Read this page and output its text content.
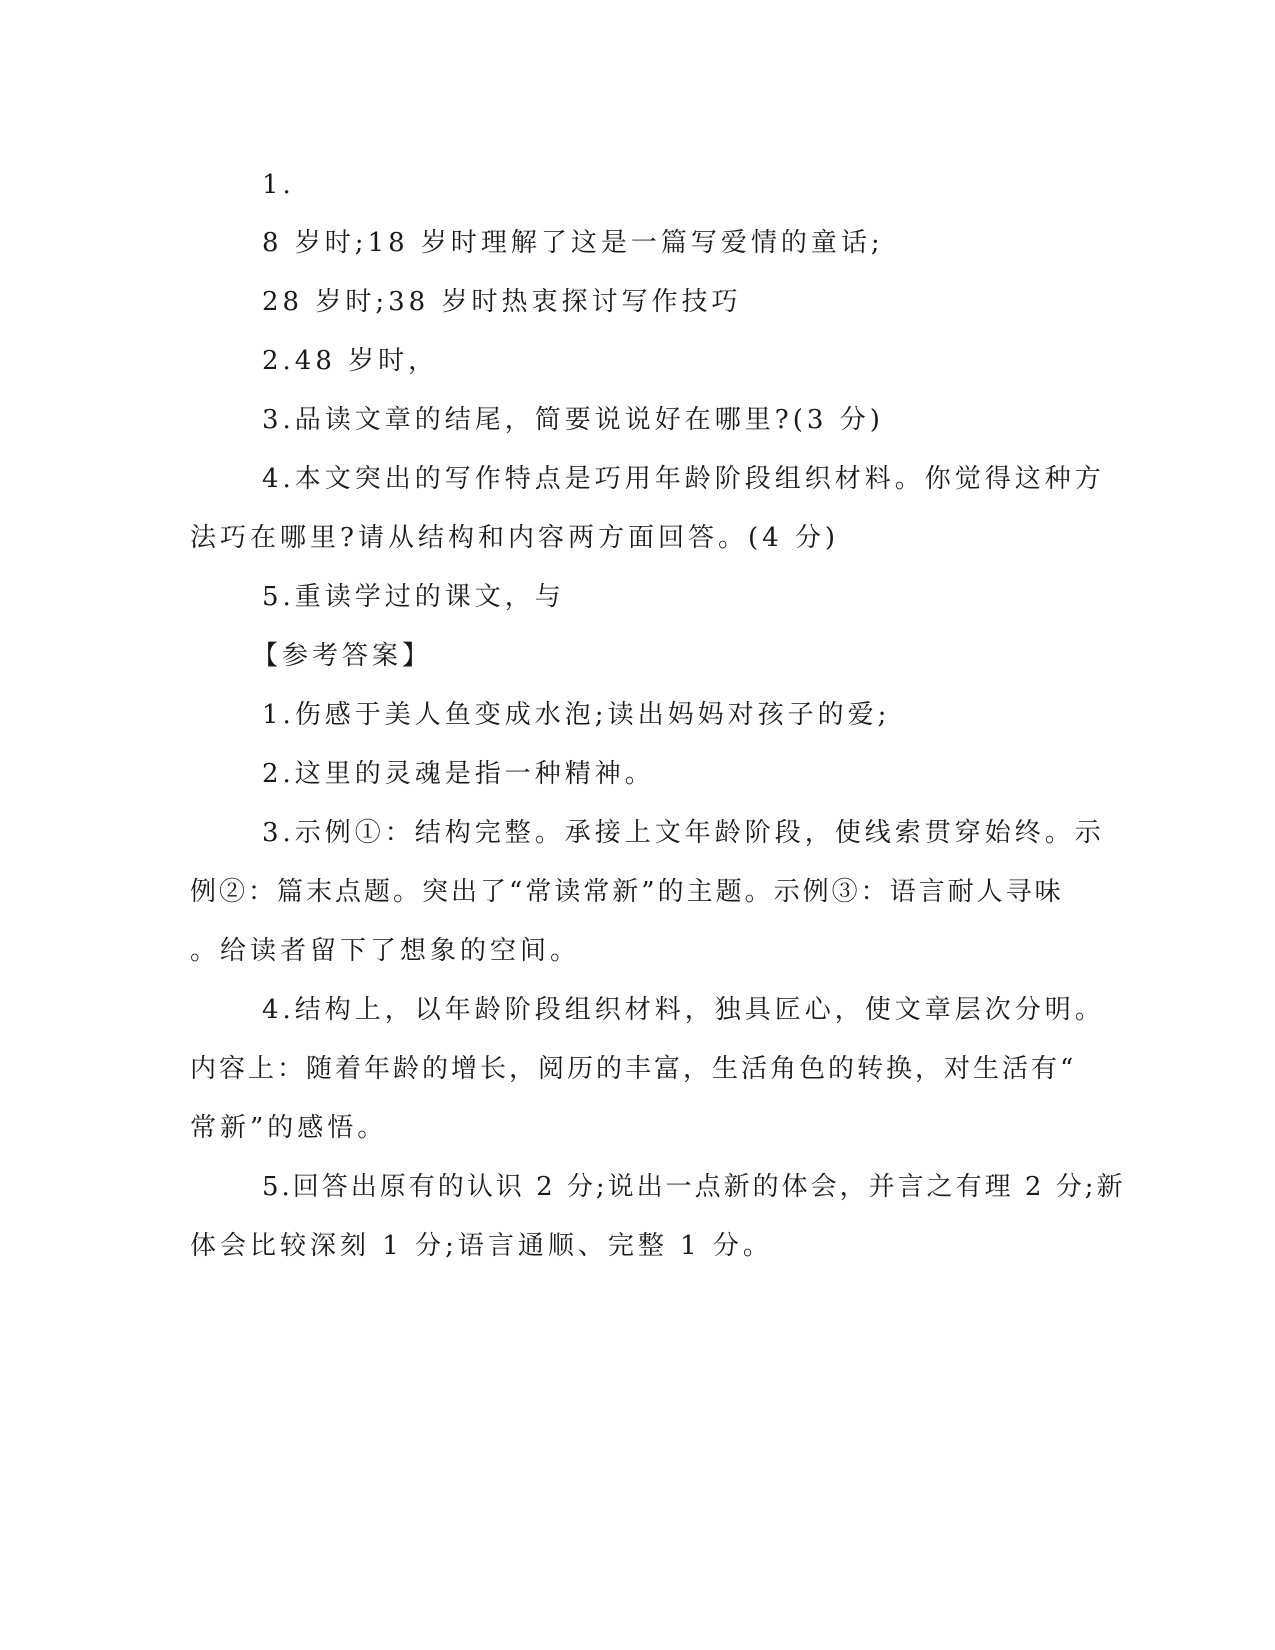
1.
8 岁时;18 岁时理解了这是一篇写爱情的童话;
28 岁时;38 岁时热衷探讨写作技巧
2.48 岁时，
3.品读文章的结尾，简要说说好在哪里?(3 分)
4.本文突出的写作特点是巧用年龄阶段组织材料。你觉得这种方
法巧在哪里?请从结构和内容两方面回答。(4 分)
5.重读学过的课文，与
【参考答案】
1.伤感于美人鱼变成水泡;读出妈妈对孩子的爱;
2.这里的灵魂是指一种精神。
3.示例①：结构完整。承接上文年龄阶段，使线索贯穿始终。示
例②：篇末点题。突出了“常读常新”的主题。示例③：语言耐人寻味
。给读者留下了想象的空间。
4.结构上，以年龄阶段组织材料，独具匠心，使文章层次分明。
内容上：随着年龄的增长，阅历的丰富，生活角色的转换，对生活有“
常新”的感悟。
5.回答出原有的认识 2 分;说出一点新的体会，并言之有理 2 分;新
体会比较深刻 1 分;语言通顺、完整 1 分。
